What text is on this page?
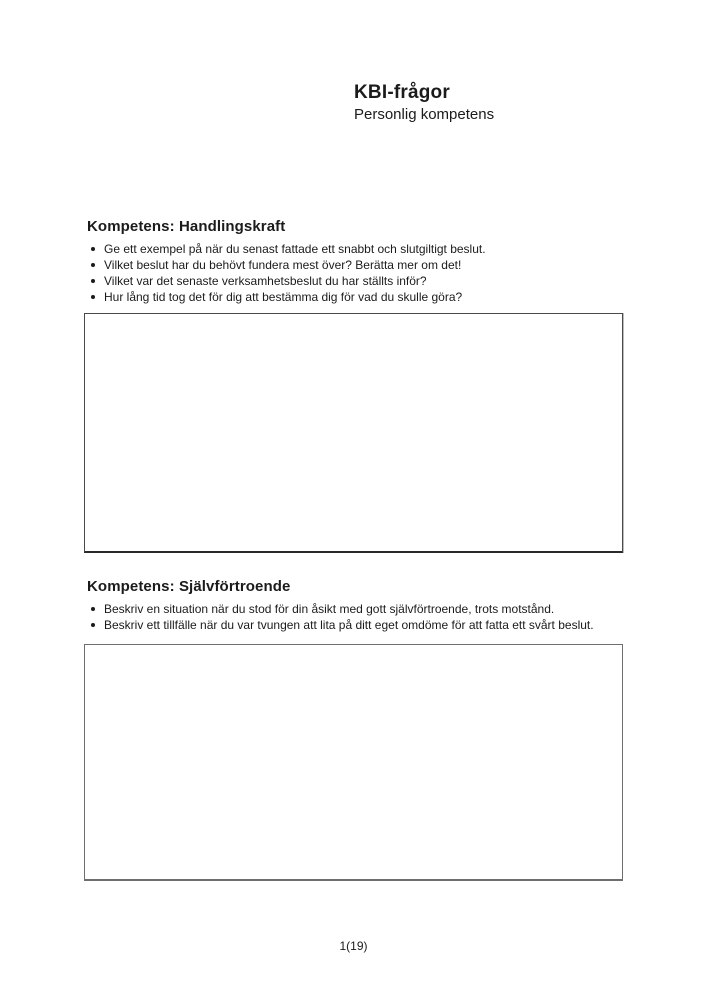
KBI-frågor
Personlig kompetens
Kompetens: Handlingskraft
Ge ett exempel på när du senast fattade ett snabbt och slutgiltigt beslut.
Vilket beslut har du behövt fundera mest över? Berätta mer om det!
Vilket var det senaste verksamhetsbeslut du har ställts inför?
Hur lång tid tog det för dig att bestämma dig för vad du skulle göra?
Kompetens: Självförtroende
Beskriv en situation när du stod för din åsikt med gott självförtroende, trots motstånd.
Beskriv ett tillfälle när du var tvungen att lita på ditt eget omdöme för att fatta ett svårt beslut.
1(19)
